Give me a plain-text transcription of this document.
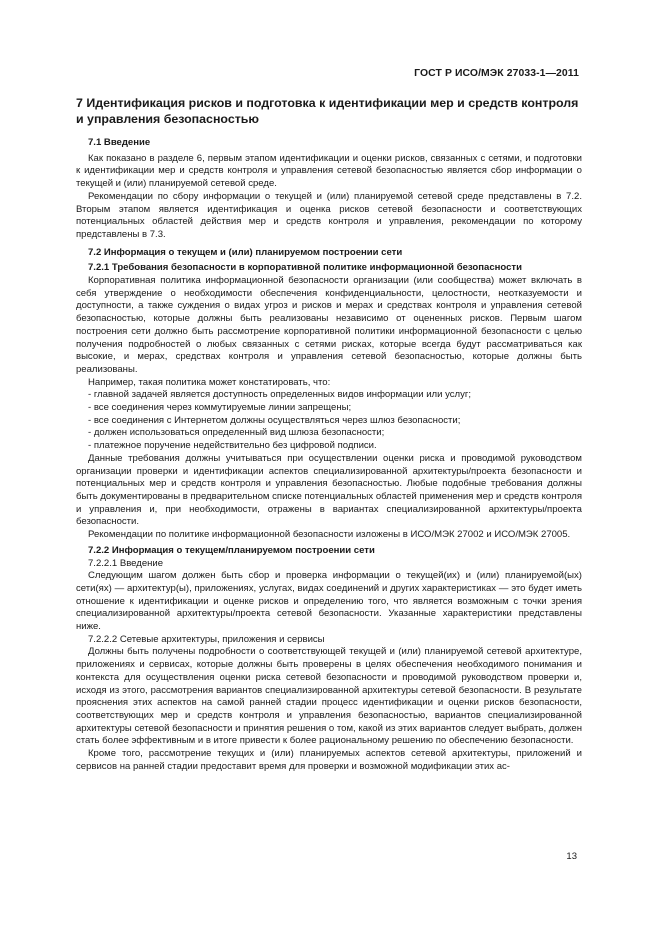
ГОСТ Р ИСО/МЭК 27033-1—2011
7 Идентификация рисков и подготовка к идентификации мер и средств контроля и управления безопасностью
7.1 Введение
Как показано в разделе 6, первым этапом идентификации и оценки рисков, связанных с сетями, и подготовки к идентификации мер и средств контроля и управления сетевой безопасностью является сбор информации о текущей и (или) планируемой сетевой среде.
Рекомендации по сбору информации о текущей и (или) планируемой сетевой среде представлены в 7.2. Вторым этапом является идентификация и оценка рисков сетевой безопасности и соответствующих потенциальных областей действия мер и средств контроля и управления, рекомендации по которому представлены в 7.3.
7.2 Информация о текущем и (или) планируемом построении сети
7.2.1 Требования безопасности в корпоративной политике информационной безопасности
Корпоративная политика информационной безопасности организации (или сообщества) может включать в себя утверждение о необходимости обеспечения конфиденциальности, целостности, неотказуемости и доступности, а также суждения о видах угроз и рисков и мерах и средствах контроля и управления сетевой безопасностью, которые должны быть реализованы независимо от оцененных рисков. Первым шагом построения сети должно быть рассмотрение корпоративной политики информационной безопасности с целью получения подробностей о любых связанных с сетями рисках, которые всегда будут рассматриваться как высокие, и мерах, средствах контроля и управления сетевой безопасностью, которые должны быть реализованы.
Например, такая политика может констатировать, что:
- главной задачей является доступность определенных видов информации или услуг;
- все соединения через коммутируемые линии запрещены;
- все соединения с Интернетом должны осуществляться через шлюз безопасности;
- должен использоваться определенный вид шлюза безопасности;
- платежное поручение недействительно без цифровой подписи.
Данные требования должны учитываться при осуществлении оценки риска и проводимой руководством организации проверки и идентификации аспектов специализированной архитектуры/проекта безопасности и потенциальных мер и средств контроля и управления безопасностью. Любые подобные требования должны быть документированы в предварительном списке потенциальных областей применения мер и средств контроля и управления и, при необходимости, отражены в вариантах специализированной архитектуры/проекта безопасности.
Рекомендации по политике информационной безопасности изложены в ИСО/МЭК 27002 и ИСО/МЭК 27005.
7.2.2 Информация о текущем/планируемом построении сети
7.2.2.1 Введение
Следующим шагом должен быть сбор и проверка информации о текущей(их) и (или) планируемой(ых) сети(ях) — архитектур(ы), приложениях, услугах, видах соединений и других характеристиках — это будет иметь отношение к идентификации и оценке рисков и определению того, что является возможным с точки зрения специализированной архитектуры/проекта сетевой безопасности. Указанные характеристики представлены ниже.
7.2.2.2 Сетевые архитектуры, приложения и сервисы
Должны быть получены подробности о соответствующей текущей и (или) планируемой сетевой архитектуре, приложениях и сервисах, которые должны быть проверены в целях обеспечения необходимого понимания и контекста для осуществления оценки риска сетевой безопасности и проводимой руководством проверки и, исходя из этого, рассмотрения вариантов специализированной архитектуры сетевой безопасности. В результате прояснения этих аспектов на самой ранней стадии процесс идентификации и оценки рисков безопасности, соответствующих мер и средств контроля и управления безопасностью, вариантов специализированной архитектуры сетевой безопасности и принятия решения о том, какой из этих вариантов следует выбрать, должен стать более эффективным и в итоге привести к более рациональному решению по обеспечению безопасности.
Кроме того, рассмотрение текущих и (или) планируемых аспектов сетевой архитектуры, приложений и сервисов на ранней стадии предоставит время для проверки и возможной модификации этих ас-
13
